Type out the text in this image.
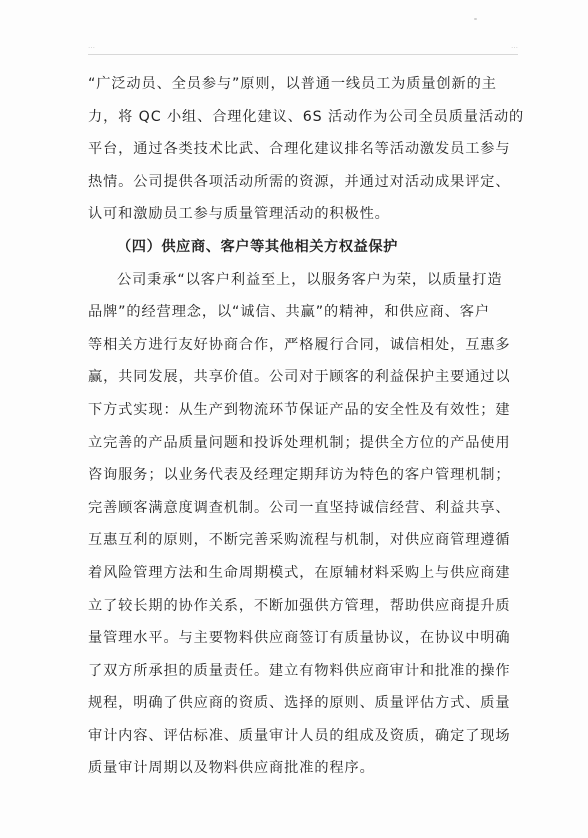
…	…
“广泛动员、全员参与”原则，以普通一线员工为质量创新的主
力，将 QC 小组、合理化建议、6S 活动作为公司全员质量活动的
平台，通过各类技术比武、合理化建议排名等活动激发员工参与
热情。公司提供各项活动所需的资源，并通过对活动成果评定、
认可和激励员工参与质量管理活动的积极性。
（四）供应商、客户等其他相关方权益保护
公司秉承“以客户利益至上，以服务客户为荣，以质量打造
品牌”的经营理念，以“诚信、共赢”的精神，和供应商、客户
等相关方进行友好协商合作，严格履行合同，诚信相处，互惠多
赢，共同发展，共享价值。公司对于顾客的利益保护主要通过以
下方式实现：从生产到物流环节保证产品的安全性及有效性；建
立完善的产品质量问题和投诉处理机制；提供全方位的产品使用
咨询服务；以业务代表及经理定期拜访为特色的客户管理机制；
完善顾客满意度调查机制。公司一直坚持诚信经营、利益共享、
互惠互利的原则，不断完善采购流程与机制，对供应商管理遵循
着风险管理方法和生命周期模式，在原辅材料采购上与供应商建
立了较长期的协作关系，不断加强供方管理，帮助供应商提升质
量管理水平。与主要物料供应商签订有质量协议，在协议中明确
了双方所承担的质量责任。建立有物料供应商审计和批准的操作
规程，明确了供应商的资质、选择的原则、质量评估方式、质量
审计内容、评估标准、质量审计人员的组成及资质，确定了现场
质量审计周期以及物料供应商批准的程序。
